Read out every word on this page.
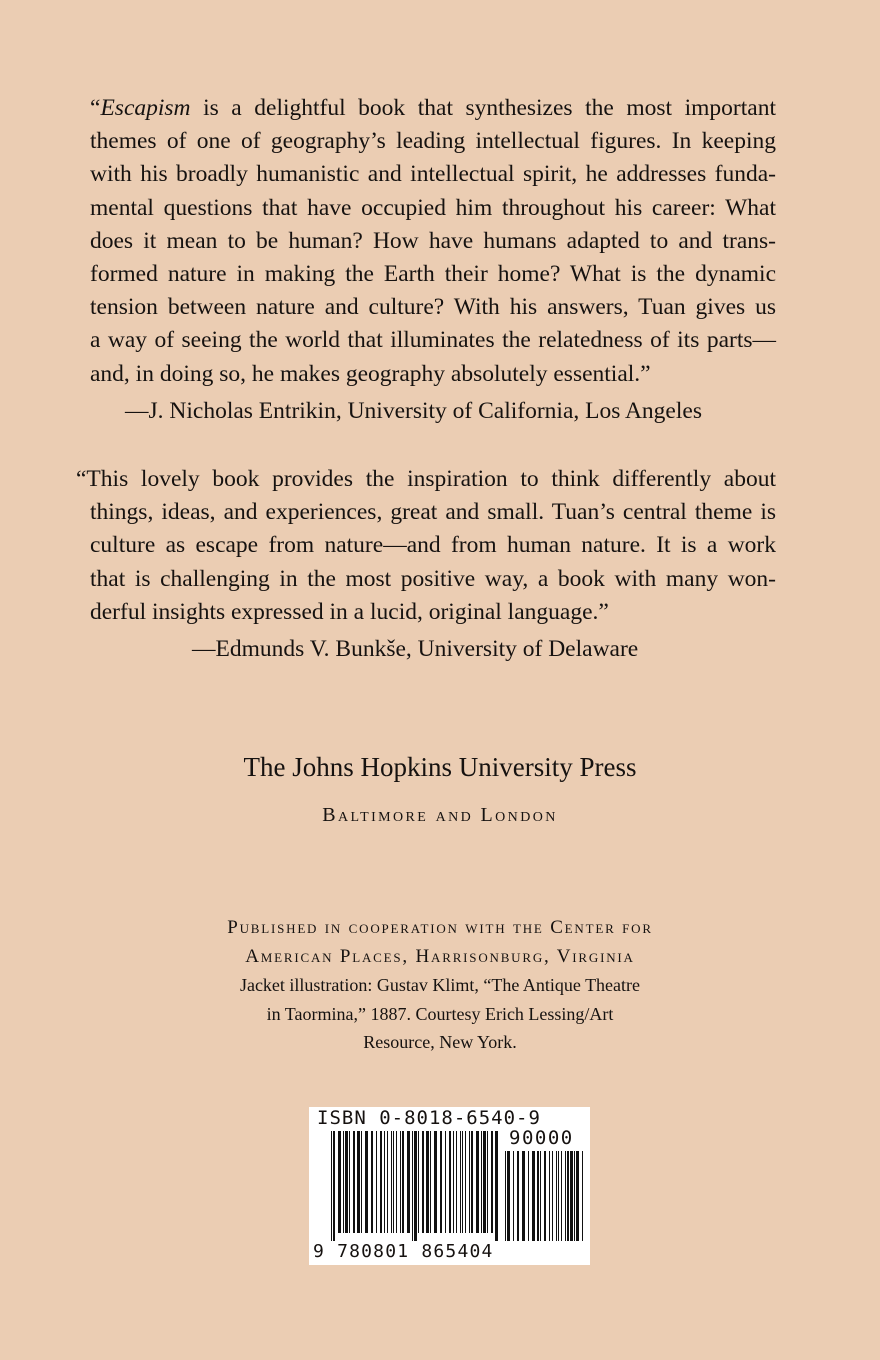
“Escapism is a delightful book that synthesizes the most important
themes of one of geography’s leading intellectual figures. In keeping
with his broadly humanistic and intellectual spirit, he addresses funda-
mental questions that have occupied him throughout his career: What
does it mean to be human? How have humans adapted to and trans-
formed nature in making the Earth their home? What is the dynamic
tension between nature and culture? With his answers, Tuan gives us
a way of seeing the world that illuminates the relatedness of its parts—
and, in doing so, he makes geography absolutely essential.”
—J. Nicholas Entrikin, University of California, Los Angeles
“This lovely book provides the inspiration to think differently about
things, ideas, and experiences, great and small. Tuan’s central theme is
culture as escape from nature—and from human nature. It is a work
that is challenging in the most positive way, a book with many won-
derful insights expressed in a lucid, original language.”
—Edmunds V. Bunkše, University of Delaware
The Johns Hopkins University Press
Baltimore and London
Published in cooperation with the Center for
American Places, Harrisonburg, Virginia
Jacket illustration: Gustav Klimt, “The Antique Theatre
in Taormina,” 1887. Courtesy Erich Lessing/Art
Resource, New York.
ISBN 0-8018-6540-9
90000
9 780801 865404
